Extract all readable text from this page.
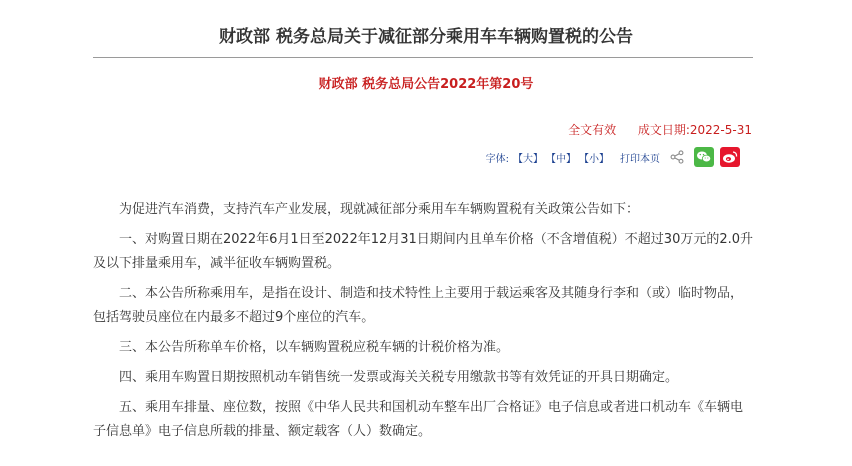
财政部 税务总局关于减征部分乘用车车辆购置税的公告
财政部 税务总局公告2022年第20号
全文有效 成文日期:2022-5-31
字体: 【大】 【中】 【小】 打印本页

为促进汽车消费，支持汽车产业发展，现就减征部分乘用车车辆购置税有关政策公告如下：

一、对购置日期在2022年6月1日至2022年12月31日期间内且单车价格（不含增值税）不超过30万元的2.0升及以下排量乘用车，减半征收车辆购置税。

二、本公告所称乘用车，是指在设计、制造和技术特性上主要用于载运乘客及其随身行李和（或）临时物品，包括驾驶员座位在内最多不超过9个座位的汽车。

三、本公告所称单车价格，以车辆购置税应税车辆的计税价格为准。

四、乘用车购置日期按照机动车销售统一发票或海关关税专用缴款书等有效凭证的开具日期确定。

五、乘用车排量、座位数，按照《中华人民共和国机动车整车出厂合格证》电子信息或者进口机动车《车辆电子信息单》电子信息所载的排量、额定载客（人）数确定。
